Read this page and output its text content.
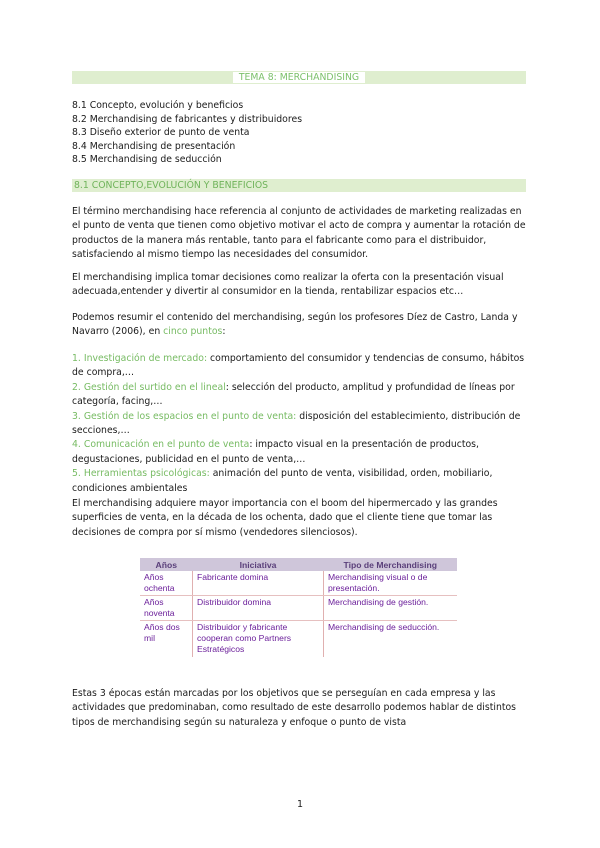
TEMA 8: MERCHANDISING
8.1 Concepto, evolución y beneficios
8.2 Merchandising de fabricantes y distribuidores
8.3 Diseño exterior de punto de venta
8.4 Merchandising de presentación
8.5 Merchandising de seducción
8.1 CONCEPTO,EVOLUCIÓN Y BENEFICIOS
El término merchandising hace referencia al conjunto de actividades de marketing realizadas en el punto de venta que tienen como objetivo motivar el acto de compra y aumentar la rotación de productos de la manera más rentable, tanto para el fabricante como para el distribuidor, satisfaciendo al mismo tiempo las necesidades del consumidor.
El merchandising implica tomar decisiones como realizar la oferta con la presentación visual adecuada,entender y divertir al consumidor en la tienda, rentabilizar espacios etc…
Podemos resumir el contenido del merchandising, según los profesores Díez de Castro, Landa y Navarro (2006), en cinco puntos:
1. Investigación de mercado: comportamiento del consumidor y tendencias de consumo, hábitos de compra,…
2. Gestión del surtido en el lineal: selección del producto, amplitud y profundidad de líneas por categoría, facing,…
3. Gestión de los espacios en el punto de venta: disposición del establecimiento, distribución de secciones,…
4. Comunicación en el punto de venta: impacto visual en la presentación de productos, degustaciones, publicidad en el punto de venta,…
5. Herramientas psicológicas: animación del punto de venta, visibilidad, orden, mobiliario, condiciones ambientales
El merchandising adquiere mayor importancia con el boom del hipermercado y las grandes superficies de venta, en la década de los ochenta, dado que el cliente tiene que tomar las decisiones de compra por sí mismo (vendedores silenciosos).
Años	Iniciativa	Tipo de Merchandising
Años ochenta	Fabricante domina	Merchandising visual o de presentación.
Años noventa	Distribuidor domina	Merchandising de gestión.
Años dos mil	Distribuidor y fabricante cooperan como Partners Estratégicos	Merchandising de seducción.
Estas 3 épocas están marcadas por los objetivos que se perseguían en cada empresa y las actividades que predominaban, como resultado de este desarrollo podemos hablar de distintos tipos de merchandising según su naturaleza y enfoque o punto de vista
1
